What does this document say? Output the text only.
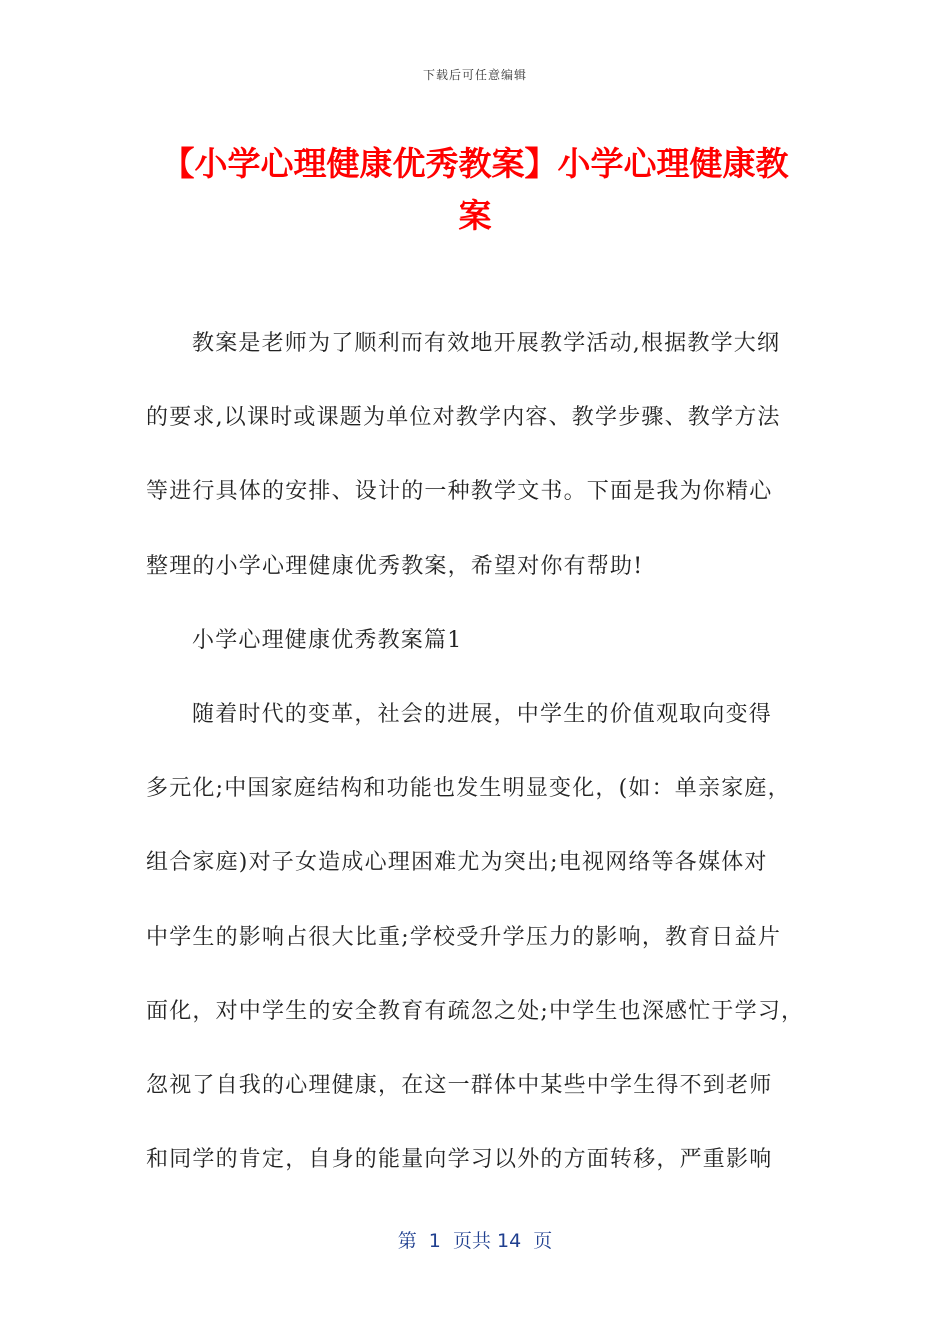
下载后可任意编辑
【小学心理健康优秀教案】小学心理健康教
案
教案是老师为了顺利而有效地开展教学活动,根据教学大纲
的要求,以课时或课题为单位对教学内容、教学步骤、教学方法
等进行具体的安排、设计的一种教学文书。下面是我为你精心
整理的小学心理健康优秀教案，希望对你有帮助!
小学心理健康优秀教案篇1
随着时代的变革，社会的进展，中学生的价值观取向变得
多元化;中国家庭结构和功能也发生明显变化，(如：单亲家庭，
组合家庭)对子女造成心理困难尤为突出;电视网络等各媒体对
中学生的影响占很大比重;学校受升学压力的影响，教育日益片
面化，对中学生的安全教育有疏忽之处;中学生也深感忙于学习，
忽视了自我的心理健康，在这一群体中某些中学生得不到老师
和同学的肯定，自身的能量向学习以外的方面转移，严重影响
第  1  页共 14  页
